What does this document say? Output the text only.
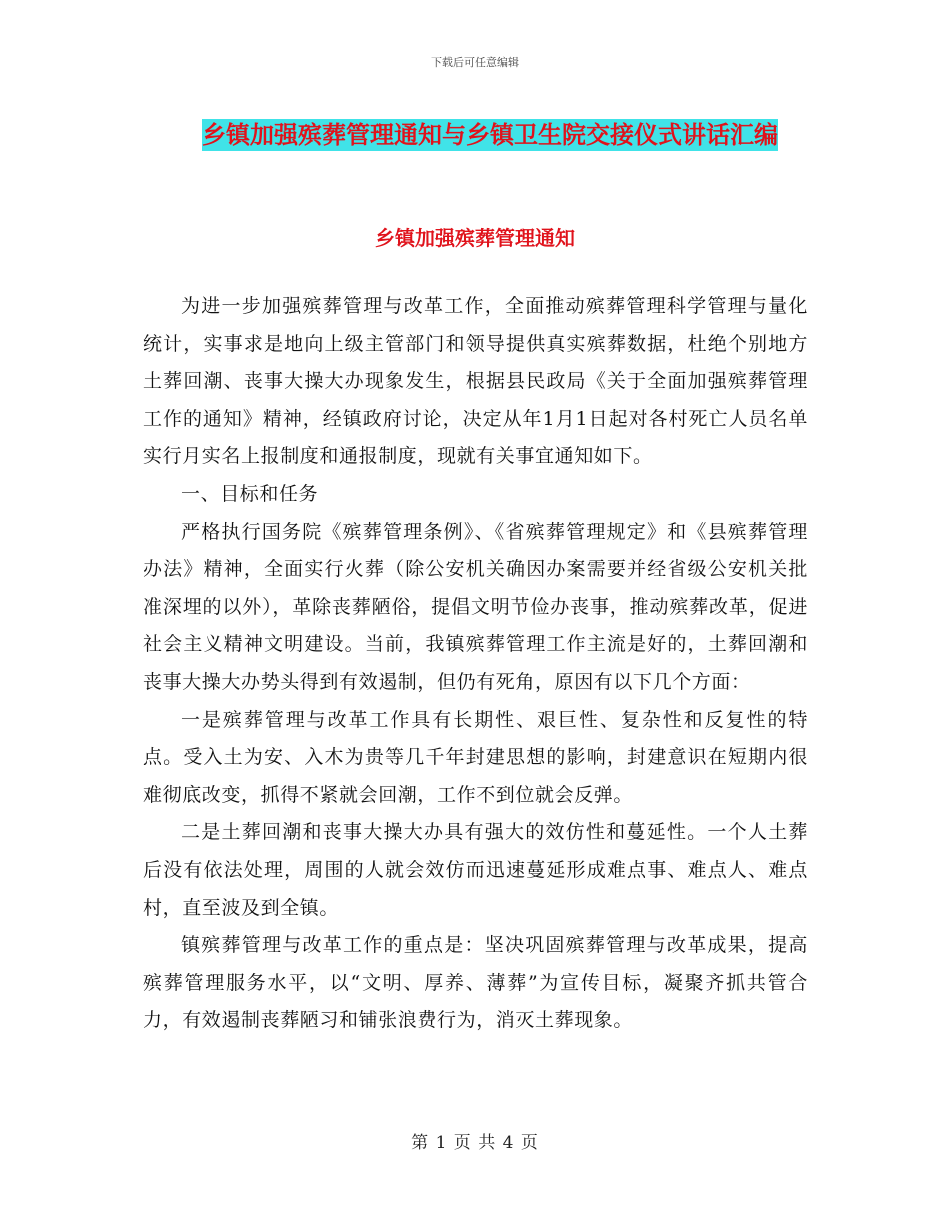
下载后可任意编辑
乡镇加强殡葬管理通知与乡镇卫生院交接仪式讲话汇编
乡镇加强殡葬管理通知

为进一步加强殡葬管理与改革工作，全面推动殡葬管理科学管理与量化统计，实事求是地向上级主管部门和领导提供真实殡葬数据，杜绝个别地方土葬回潮、丧事大操大办现象发生，根据县民政局《关于全面加强殡葬管理工作的通知》精神，经镇政府讨论，决定从年1月1日起对各村死亡人员名单实行月实名上报制度和通报制度，现就有关事宜通知如下。

一、目标和任务

严格执行国务院《殡葬管理条例》、《省殡葬管理规定》和《县殡葬管理办法》精神，全面实行火葬（除公安机关确因办案需要并经省级公安机关批准深埋的以外），革除丧葬陋俗，提倡文明节俭办丧事，推动殡葬改革，促进社会主义精神文明建设。当前，我镇殡葬管理工作主流是好的，土葬回潮和丧事大操大办势头得到有效遏制，但仍有死角，原因有以下几个方面：

一是殡葬管理与改革工作具有长期性、艰巨性、复杂性和反复性的特点。受入土为安、入木为贵等几千年封建思想的影响，封建意识在短期内很难彻底改变，抓得不紧就会回潮，工作不到位就会反弹。

二是土葬回潮和丧事大操大办具有强大的效仿性和蔓延性。一个人土葬后没有依法处理，周围的人就会效仿而迅速蔓延形成难点事、难点人、难点村，直至波及到全镇。

镇殡葬管理与改革工作的重点是：坚决巩固殡葬管理与改革成果，提高殡葬管理服务水平，以“文明、厚养、薄葬”为宣传目标，凝聚齐抓共管合力，有效遏制丧葬陋习和铺张浪费行为，消灭土葬现象。

第 1 页 共 4 页
